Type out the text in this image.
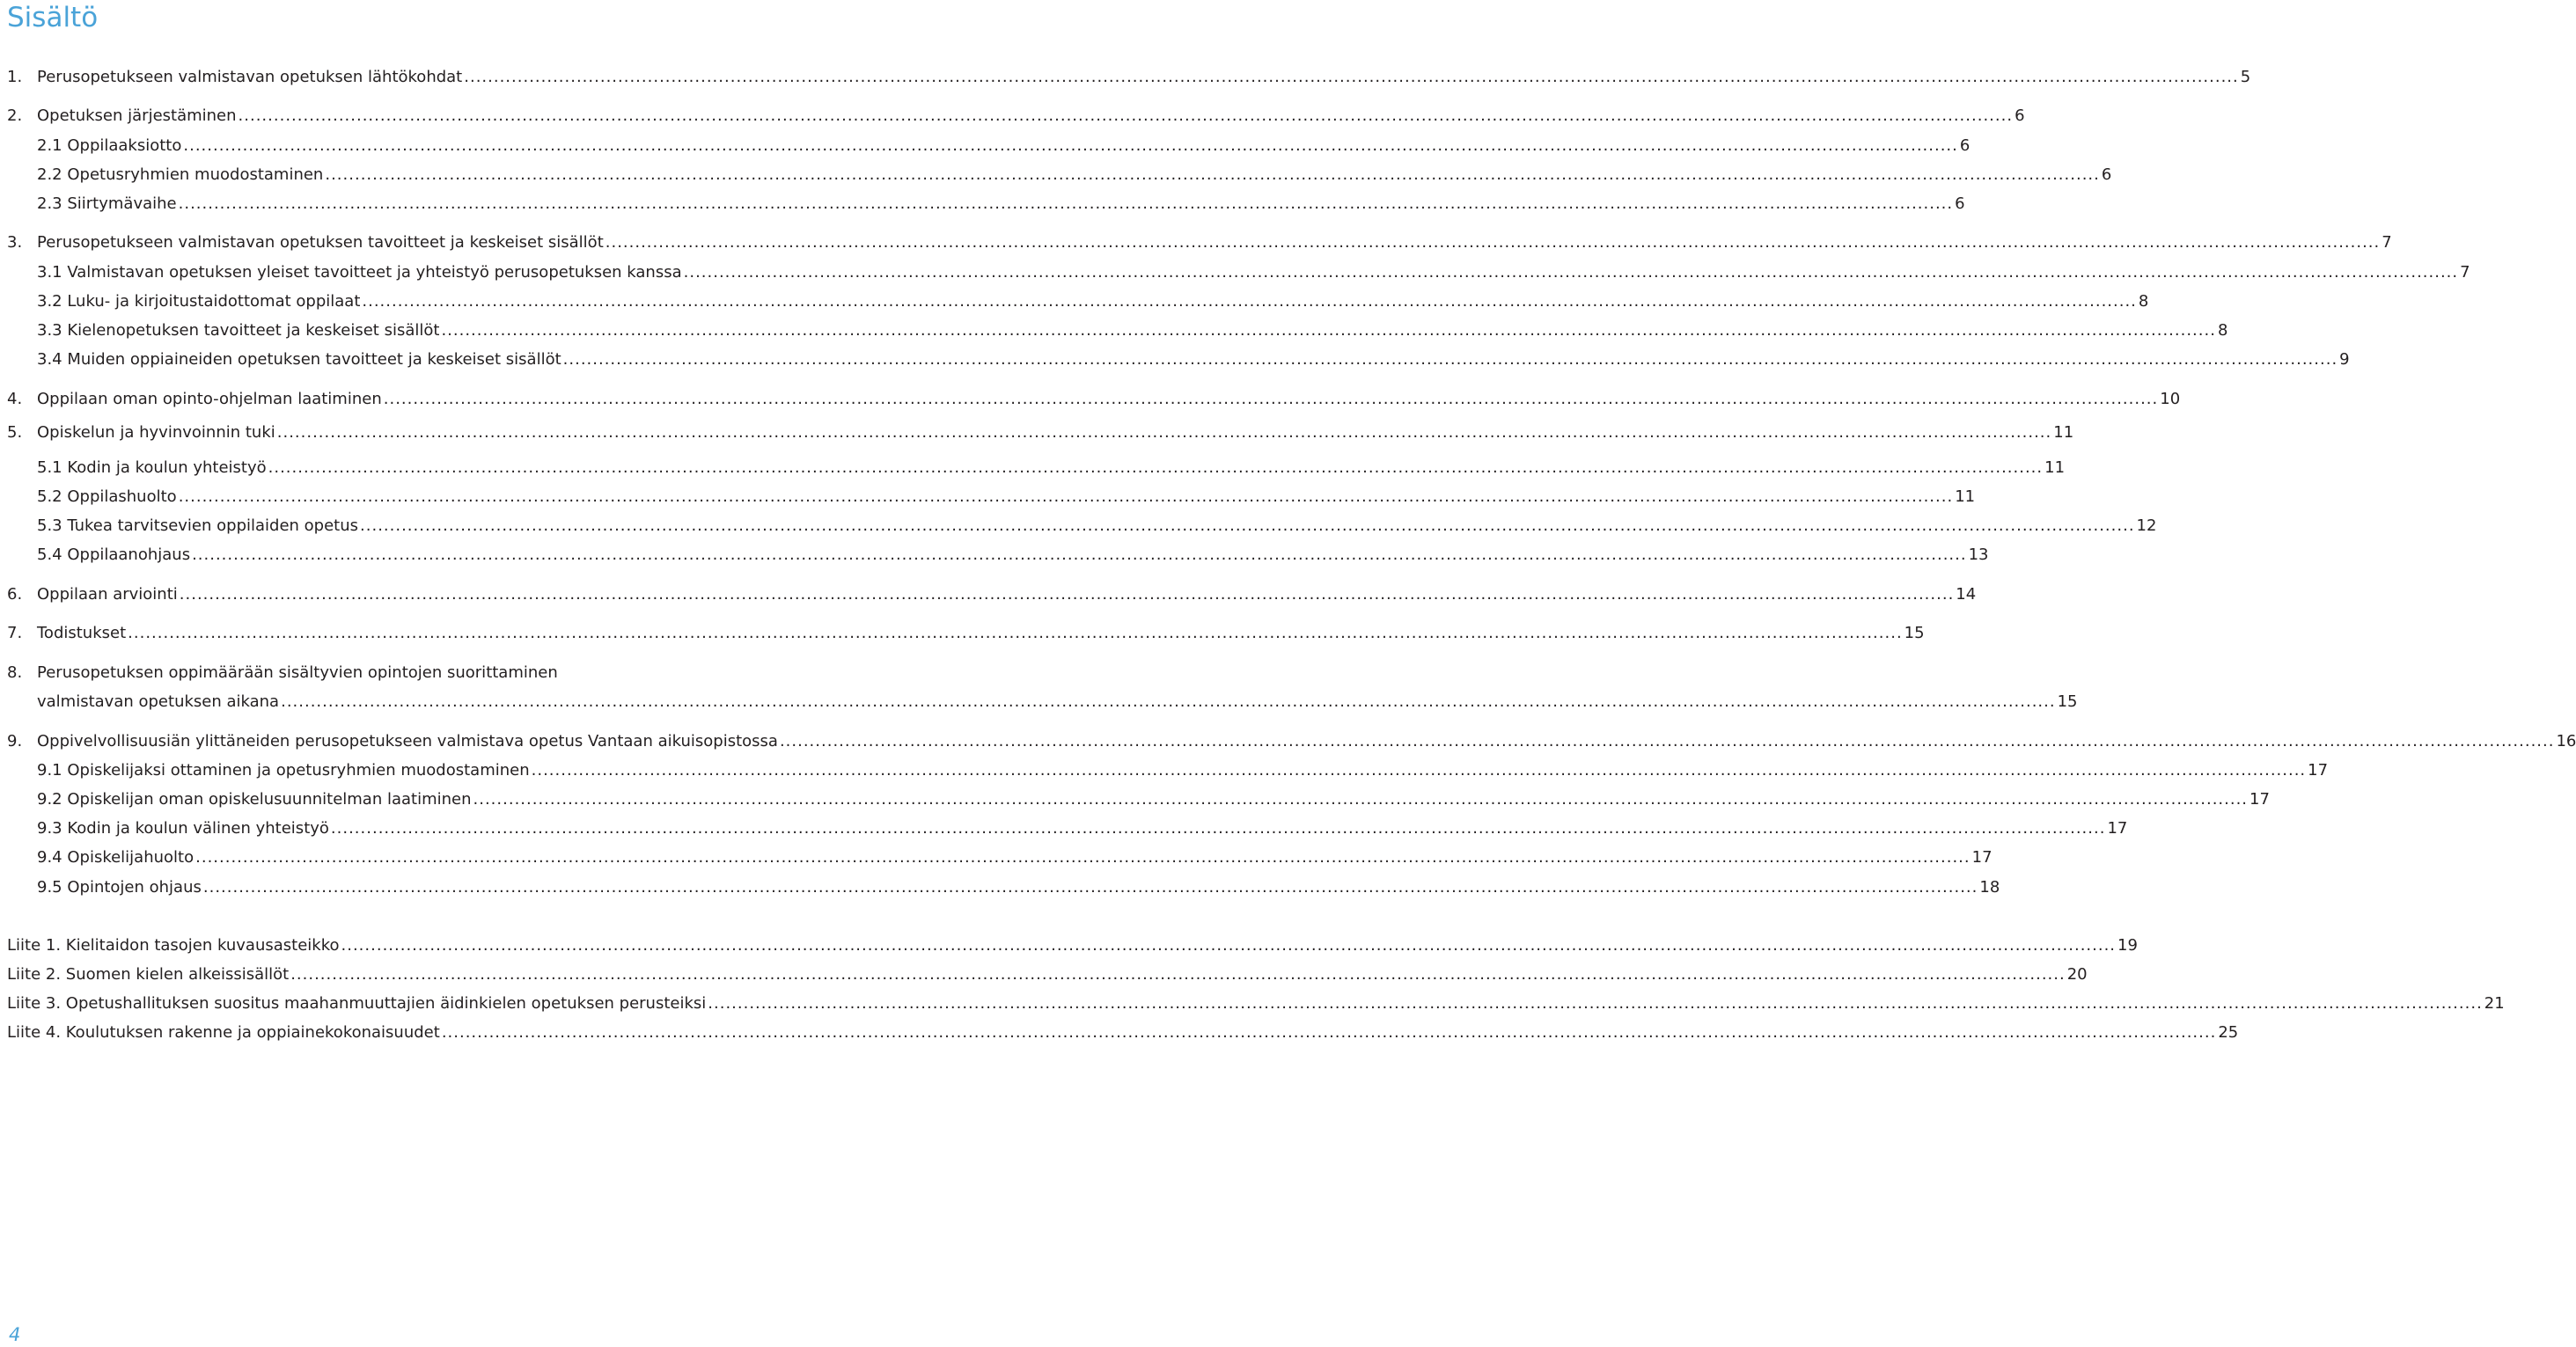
Sisältö
1. Perusopetukseen valmistavan opetuksen lähtökohdat ............................................................................................................................................................................................................................................................................................................ 5
2. Opetuksen järjestäminen ............................................................................................................................................................................................................................................................................................................ 6
2.1 Oppilaaksiotto ............................................................................................................................................................................................................................................................................................................ 6
2.2 Opetusryhmien muodostaminen ............................................................................................................................................................................................................................................................................................................ 6
2.3 Siirtymävaihe ............................................................................................................................................................................................................................................................................................................ 6
3. Perusopetukseen valmistavan opetuksen tavoitteet ja keskeiset sisällöt ............................................................................................................................................................................................................................................................................................................ 7
3.1 Valmistavan opetuksen yleiset tavoitteet ja yhteistyö perusopetuksen kanssa ............................................................................................................................................................................................................................................................................................................ 7
3.2 Luku- ja kirjoitustaidottomat oppilaat ............................................................................................................................................................................................................................................................................................................ 8
3.3 Kielenopetuksen tavoitteet ja keskeiset sisällöt ............................................................................................................................................................................................................................................................................................................ 8
3.4 Muiden oppiaineiden opetuksen tavoitteet ja keskeiset sisällöt ............................................................................................................................................................................................................................................................................................................ 9
4. Oppilaan oman opinto-ohjelman laatiminen ............................................................................................................................................................................................................................................................................................................ 10
5. Opiskelun ja hyvinvoinnin tuki ............................................................................................................................................................................................................................................................................................................ 11
5.1 Kodin ja koulun yhteistyö ............................................................................................................................................................................................................................................................................................................ 11
5.2 Oppilashuolto ............................................................................................................................................................................................................................................................................................................ 11
5.3 Tukea tarvitsevien oppilaiden opetus ............................................................................................................................................................................................................................................................................................................ 12
5.4 Oppilaanohjaus ............................................................................................................................................................................................................................................................................................................ 13
6. Oppilaan arviointi ............................................................................................................................................................................................................................................................................................................ 14
7. Todistukset ............................................................................................................................................................................................................................................................................................................ 15
8. Perusopetuksen oppimäärään sisältyvien opintojen suorittaminen
valmistavan opetuksen aikana ............................................................................................................................................................................................................................................................................................................ 15
9. Oppivelvollisuusiän ylittäneiden perusopetukseen valmistava opetus Vantaan aikuisopistossa ............................................................................................................................................................................................................................................................................................................ 16
9.1 Opiskelijaksi ottaminen ja opetusryhmien muodostaminen ............................................................................................................................................................................................................................................................................................................ 17
9.2 Opiskelijan oman opiskelusuunnitelman laatiminen ............................................................................................................................................................................................................................................................................................................ 17
9.3 Kodin ja koulun välinen yhteistyö ............................................................................................................................................................................................................................................................................................................ 17
9.4 Opiskelijahuolto ............................................................................................................................................................................................................................................................................................................ 17
9.5 Opintojen ohjaus ............................................................................................................................................................................................................................................................................................................ 18
Liite 1. Kielitaidon tasojen kuvausasteikko ............................................................................................................................................................................................................................................................................................................ 19
Liite 2. Suomen kielen alkeissisällöt ............................................................................................................................................................................................................................................................................................................ 20
Liite 3. Opetushallituksen suositus maahanmuuttajien äidinkielen opetuksen perusteiksi ............................................................................................................................................................................................................................................................................................................ 21
Liite 4. Koulutuksen rakenne ja oppiainekokonaisuudet ............................................................................................................................................................................................................................................................................................................ 25
4
